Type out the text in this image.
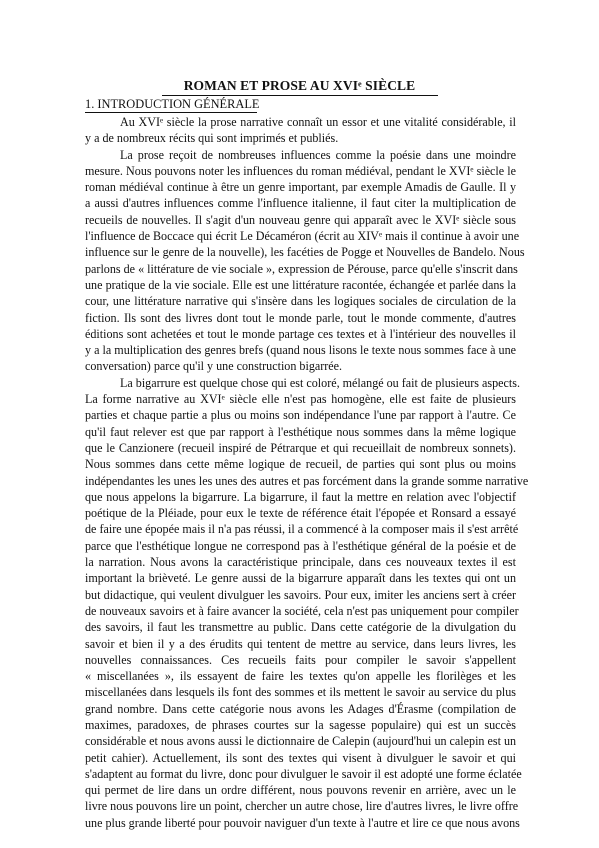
ROMAN ET PROSE AU XVIᵉ SIÈCLE
1. INTRODUCTION GÉNÉRALE
Au XVIᵉ siècle la prose narrative connaît un essor et une vitalité considérable, il
y a de nombreux récits qui sont imprimés et publiés.
La prose reçoit de nombreuses influences comme la poésie dans une moindre
mesure. Nous pouvons noter les influences du roman médiéval, pendant le XVIᵉ siècle le
roman médiéval continue à être un genre important, par exemple Amadis de Gaulle. Il y
a aussi d'autres influences comme l'influence italienne, il faut citer la multiplication de
recueils de nouvelles. Il s'agit d'un nouveau genre qui apparaît avec le XVIᵉ siècle sous
l'influence de Boccace qui écrit Le Décaméron (écrit au XIVᵉ mais il continue à avoir une
influence sur le genre de la nouvelle), les facéties de Pogge et Nouvelles de Bandelo. Nous
parlons de « littérature de vie sociale », expression de Pérouse, parce qu'elle s'inscrit dans
une pratique de la vie sociale. Elle est une littérature racontée, échangée et parlée dans la
cour, une littérature narrative qui s'insère dans les logiques sociales de circulation de la
fiction. Ils sont des livres dont tout le monde parle, tout le monde commente, d'autres
éditions sont achetées et tout le monde partage ces textes et à l'intérieur des nouvelles il
y a la multiplication des genres brefs (quand nous lisons le texte nous sommes face à une
conversation) parce qu'il y une construction bigarrée.
La bigarrure est quelque chose qui est coloré, mélangé ou fait de plusieurs aspects.
La forme narrative au XVIᵉ siècle elle n'est pas homogène, elle est faite de plusieurs
parties et chaque partie a plus ou moins son indépendance l'une par rapport à l'autre. Ce
qu'il faut relever est que par rapport à l'esthétique nous sommes dans la même logique
que le Canzionere (recueil inspiré de Pétrarque et qui recueillait de nombreux sonnets).
Nous sommes dans cette même logique de recueil, de parties qui sont plus ou moins
indépendantes les unes les unes des autres et pas forcément dans la grande somme narrative
que nous appelons la bigarrure. La bigarrure, il faut la mettre en relation avec l'objectif
poétique de la Pléiade, pour eux le texte de référence était l'épopée et Ronsard a essayé
de faire une épopée mais il n'a pas réussi, il a commencé à la composer mais il s'est arrêté
parce que l'esthétique longue ne correspond pas à l'esthétique général de la poésie et de
la narration. Nous avons la caractéristique principale, dans ces nouveaux textes il est
important la brièveté. Le genre aussi de la bigarrure apparaît dans les textes qui ont un
but didactique, qui veulent divulguer les savoirs. Pour eux, imiter les anciens sert à créer
de nouveaux savoirs et à faire avancer la société, cela n'est pas uniquement pour compiler
des savoirs, il faut les transmettre au public. Dans cette catégorie de la divulgation du
savoir et bien il y a des érudits qui tentent de mettre au service, dans leurs livres, les
nouvelles connaissances. Ces recueils faits pour compiler le savoir s'appellent
« miscellanées », ils essayent de faire les textes qu'on appelle les florilèges et les
miscellanées dans lesquels ils font des sommes et ils mettent le savoir au service du plus
grand nombre. Dans cette catégorie nous avons les Adages d'Érasme (compilation de
maximes, paradoxes, de phrases courtes sur la sagesse populaire) qui est un succès
considérable et nous avons aussi le dictionnaire de Calepin (aujourd'hui un calepin est un
petit cahier). Actuellement, ils sont des textes qui visent à divulguer le savoir et qui
s'adaptent au format du livre, donc pour divulguer le savoir il est adopté une forme éclatée
qui permet de lire dans un ordre différent, nous pouvons revenir en arrière, avec un le
livre nous pouvons lire un point, chercher un autre chose, lire d'autres livres, le livre offre
une plus grande liberté pour pouvoir naviguer d'un texte à l'autre et lire ce que nous avons
